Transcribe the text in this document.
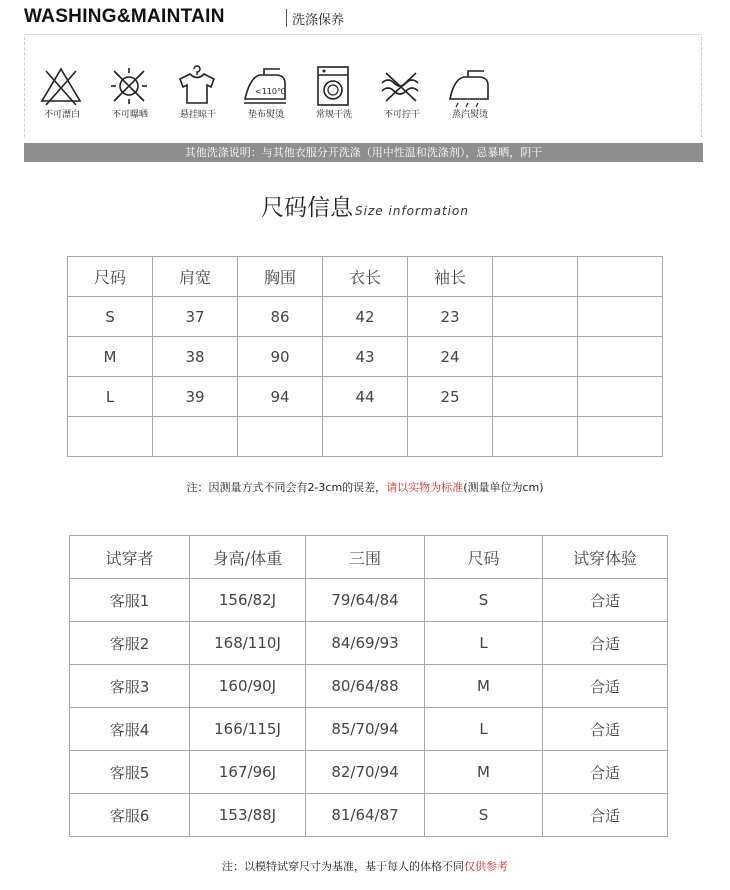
WASHING&MAINTAIN	洗涤保养
不可漂白	不可曝晒	悬挂晾干
<110℃
垫布熨烫	常规干洗	不可拧干	蒸汽熨烫
其他洗涤说明：与其他衣服分开洗涤（用中性温和洗涤剂），忌暴晒，阴干
尺码信息 Size information
尺码	肩宽	胸围	衣长	袖长		
S	37	86	42	23		
M	38	90	43	24		
L	39	94	44	25		

注：因测量方式不同会有2-3cm的误差，请以实物为标准(测量单位为cm)
试穿者	身高/体重	三围	尺码	试穿体验
客服1	156/82J	79/64/84	S	合适
客服2	168/110J	84/69/93	L	合适
客服3	160/90J	80/64/88	M	合适
客服4	166/115J	85/70/94	L	合适
客服5	167/96J	82/70/94	M	合适
客服6	153/88J	81/64/87	S	合适
注：以模特试穿尺寸为基准，基于每人的体格不同仅供参考
